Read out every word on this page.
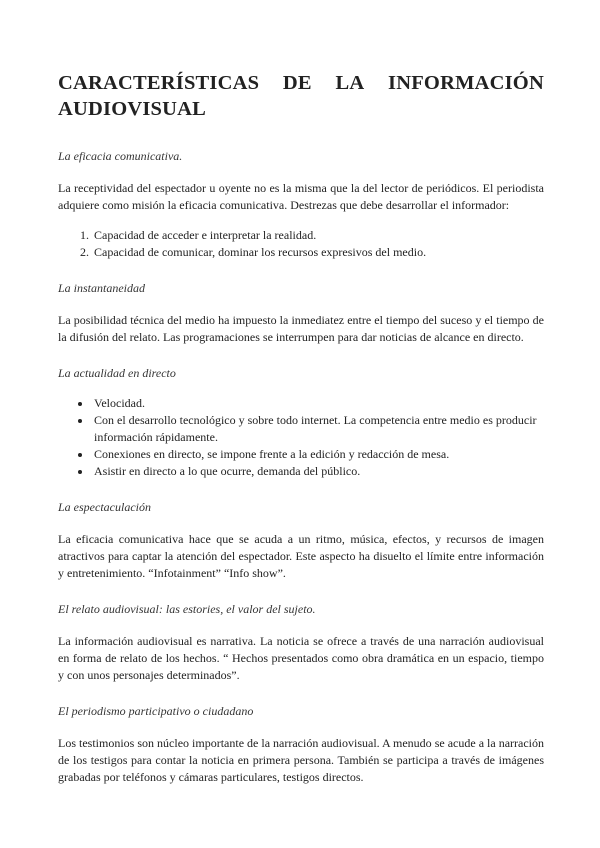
CARACTERÍSTICAS DE LA INFORMACIÓN
AUDIOVISUAL

La eficacia comunicativa.

La receptividad del espectador u oyente no es la misma que la del lector de periódicos. El periodista adquiere como misión la eficacia comunicativa. Destrezas que debe desarrollar el informador:

1. Capacidad de acceder e interpretar la realidad.
2. Capacidad de comunicar, dominar los recursos expresivos del medio.

La instantaneidad

La posibilidad técnica del medio ha impuesto la inmediatez entre el tiempo del suceso y el tiempo de la difusión del relato. Las programaciones se interrumpen para dar noticias de alcance en directo.

La actualidad en directo

• Velocidad.
• Con el desarrollo tecnológico y sobre todo internet. La competencia entre medio es producir información rápidamente.
• Conexiones en directo, se impone frente a la edición y redacción de mesa.
• Asistir en directo a lo que ocurre, demanda del público.

La espectaculación

La eficacia comunicativa hace que se acuda a un ritmo, música, efectos, y recursos de imagen atractivos para captar la atención del espectador. Este aspecto ha disuelto el límite entre información y entretenimiento. “Infotainment” “Info show”.

El relato audiovisual: las estories, el valor del sujeto.

La información audiovisual es narrativa. La noticia se ofrece a través de una narración audiovisual en forma de relato de los hechos. “ Hechos presentados como obra dramática en un espacio, tiempo y con unos personajes determinados”.

El periodismo participativo o ciudadano

Los testimonios son núcleo importante de la narración audiovisual. A menudo se acude a la narración de los testigos para contar la noticia en primera persona. También se participa a través de imágenes grabadas por teléfonos y cámaras particulares, testigos directos.
